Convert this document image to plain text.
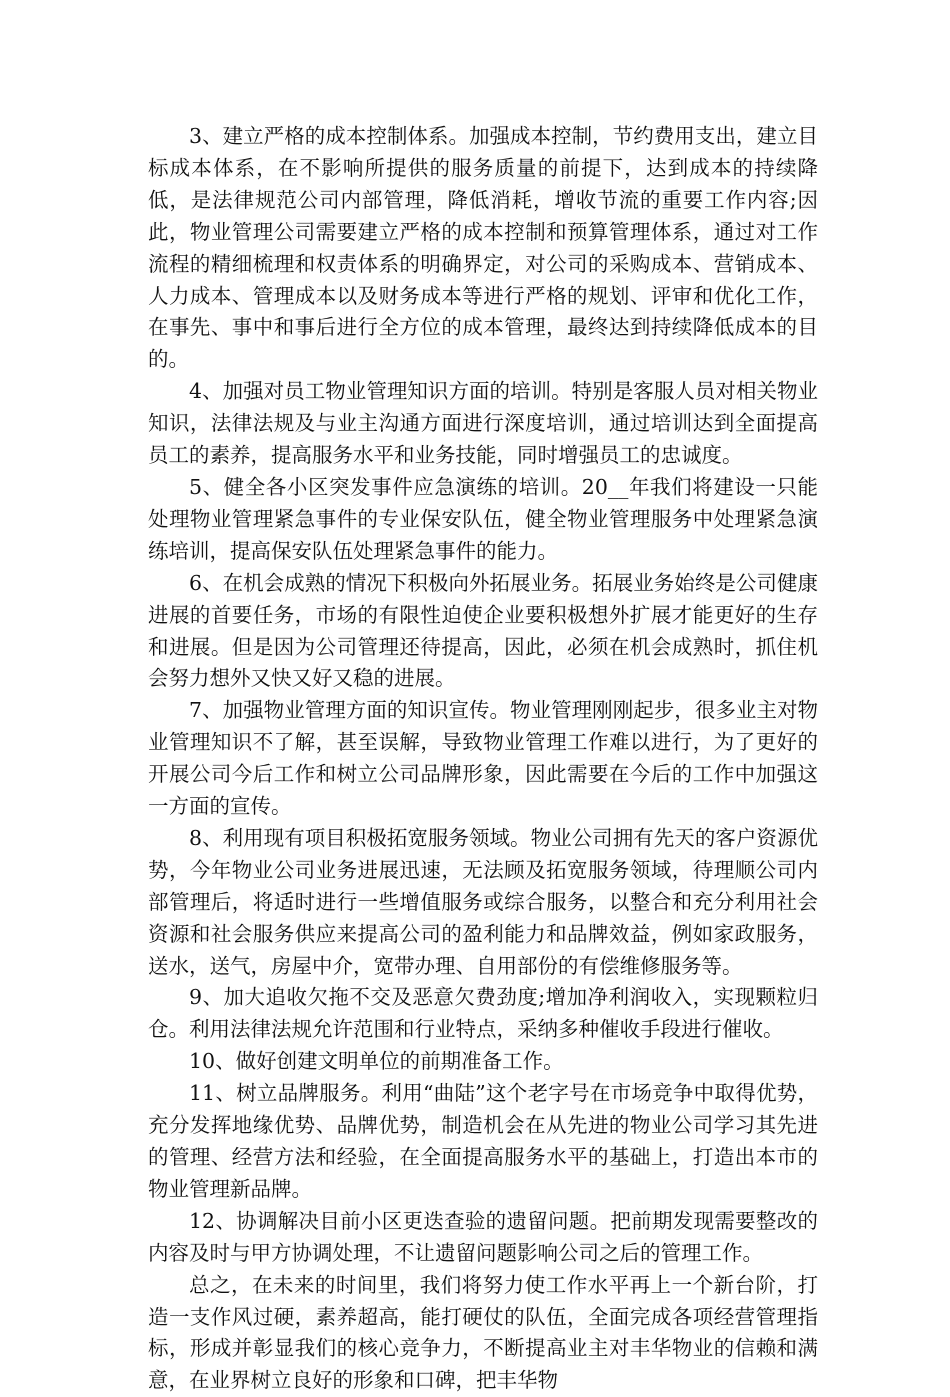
3、建立严格的成本控制体系。加强成本控制，节约费用支出，建立目标成本体系，在不影响所提供的服务质量的前提下，达到成本的持续降低，是法律规范公司内部管理，降低消耗，增收节流的重要工作内容;因此，物业管理公司需要建立严格的成本控制和预算管理体系，通过对工作流程的精细梳理和权责体系的明确界定，对公司的采购成本、营销成本、人力成本、管理成本以及财务成本等进行严格的规划、评审和优化工作，在事先、事中和事后进行全方位的成本管理，最终达到持续降低成本的目的。

4、加强对员工物业管理知识方面的培训。特别是客服人员对相关物业知识，法律法规及与业主沟通方面进行深度培训，通过培训达到全面提高员工的素养，提高服务水平和业务技能，同时增强员工的忠诚度。

5、健全各小区突发事件应急演练的培训。20__年我们将建设一只能处理物业管理紧急事件的专业保安队伍，健全物业管理服务中处理紧急演练培训，提高保安队伍处理紧急事件的能力。

6、在机会成熟的情况下积极向外拓展业务。拓展业务始终是公司健康进展的首要任务，市场的有限性迫使企业要积极想外扩展才能更好的生存和进展。但是因为公司管理还待提高，因此，必须在机会成熟时，抓住机会努力想外又快又好又稳的进展。

7、加强物业管理方面的知识宣传。物业管理刚刚起步，很多业主对物业管理知识不了解，甚至误解，导致物业管理工作难以进行，为了更好的开展公司今后工作和树立公司品牌形象，因此需要在今后的工作中加强这一方面的宣传。

8、利用现有项目积极拓宽服务领域。物业公司拥有先天的客户资源优势，今年物业公司业务进展迅速，无法顾及拓宽服务领域，待理顺公司内部管理后，将适时进行一些增值服务或综合服务，以整合和充分利用社会资源和社会服务供应来提高公司的盈利能力和品牌效益，例如家政服务，送水，送气，房屋中介，宽带办理、自用部份的有偿维修服务等。

9、加大追收欠拖不交及恶意欠费劲度;增加净利润收入，实现颗粒归仓。利用法律法规允许范围和行业特点，采纳多种催收手段进行催收。

10、做好创建文明单位的前期准备工作。

11、树立品牌服务。利用“曲陆”这个老字号在市场竞争中取得优势，充分发挥地缘优势、品牌优势，制造机会在从先进的物业公司学习其先进的管理、经营方法和经验，在全面提高服务水平的基础上，打造出本市的物业管理新品牌。

12、协调解决目前小区更迭查验的遗留问题。把前期发现需要整改的内容及时与甲方协调处理，不让遗留问题影响公司之后的管理工作。

总之，在未来的时间里，我们将努力使工作水平再上一个新台阶，打造一支作风过硬，素养超高，能打硬仗的队伍，全面完成各项经营管理指标，形成并彰显我们的核心竞争力，不断提高业主对丰华物业的信赖和满意，在业界树立良好的形象和口碑，把丰华物
